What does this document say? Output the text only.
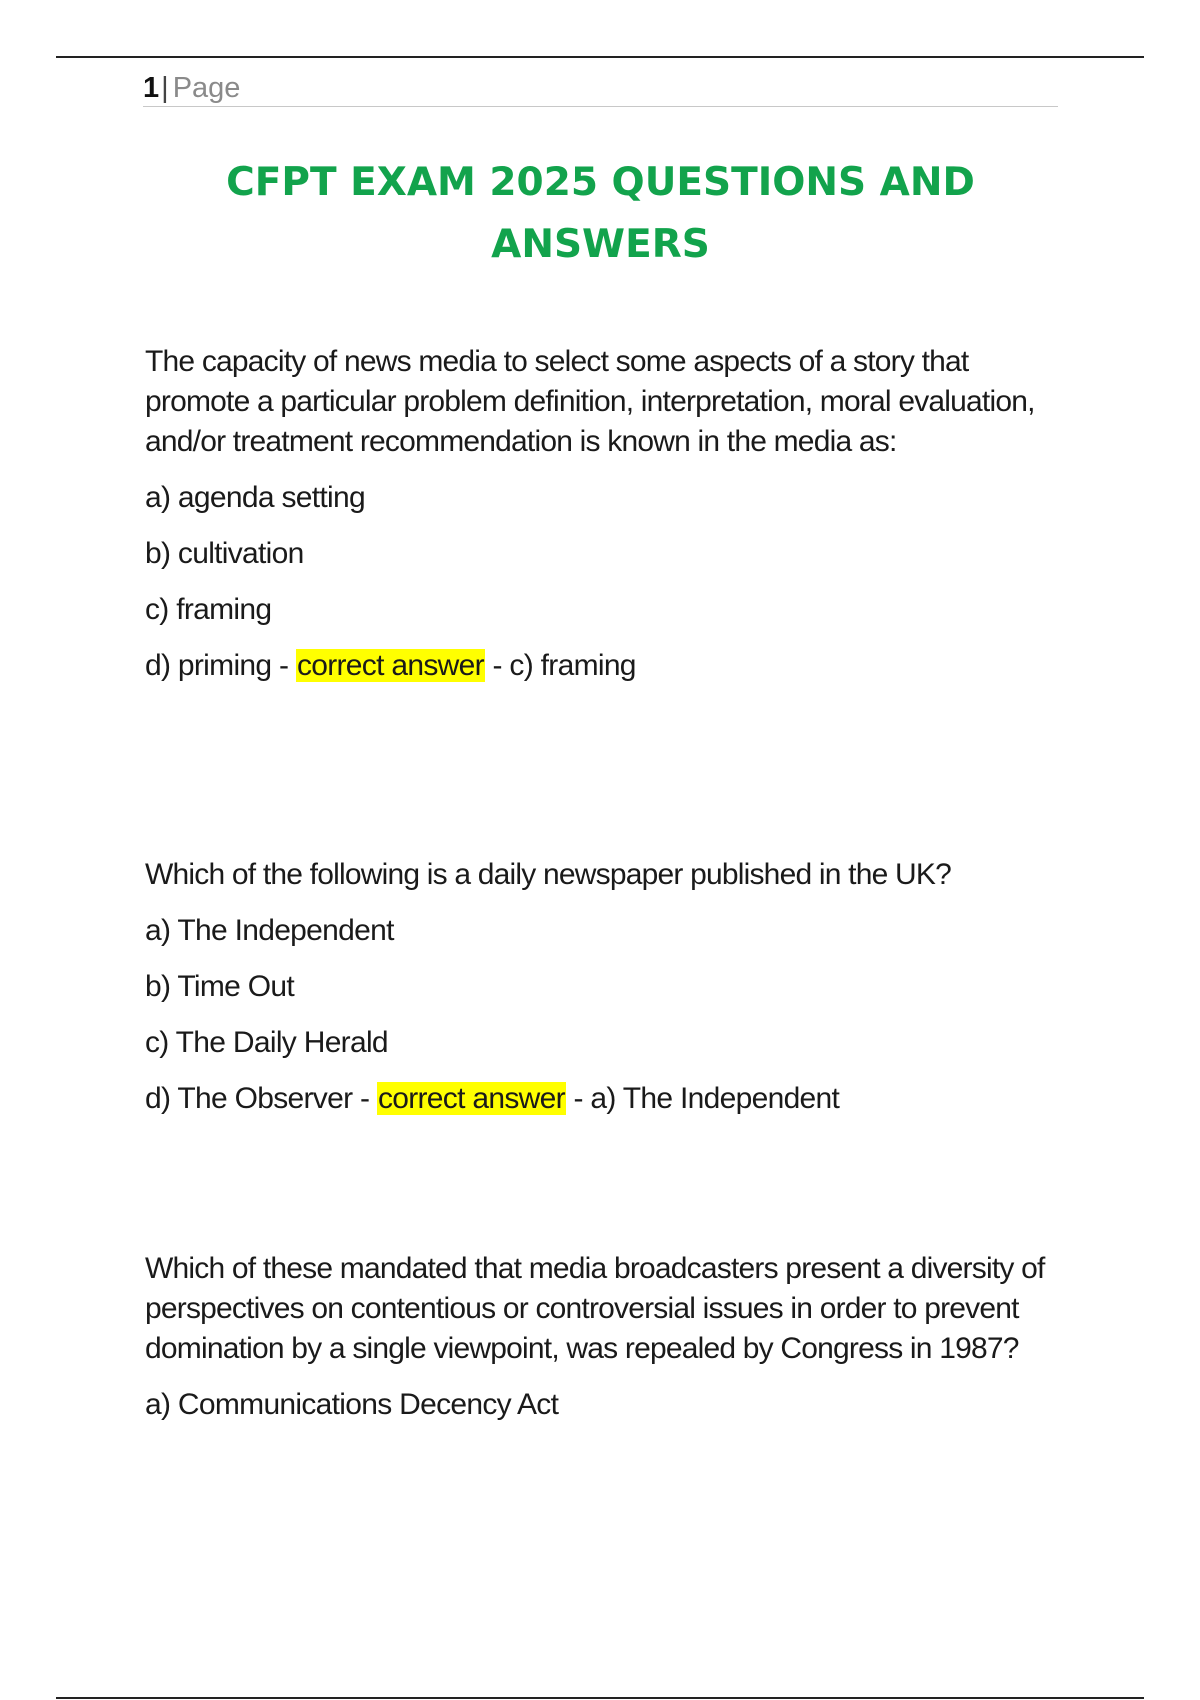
1| Page
CFPT EXAM 2025 QUESTIONS AND ANSWERS

The capacity of news media to select some aspects of a story that promote a particular problem definition, interpretation, moral evaluation, and/or treatment recommendation is known in the media as:

a) agenda setting
b) cultivation
c) framing
d) priming - correct answer - c) framing

Which of the following is a daily newspaper published in the UK?

a) The Independent
b) Time Out
c) The Daily Herald
d) The Observer - correct answer - a) The Independent

Which of these mandated that media broadcasters present a diversity of perspectives on contentious or controversial issues in order to prevent domination by a single viewpoint, was repealed by Congress in 1987?

a) Communications Decency Act
